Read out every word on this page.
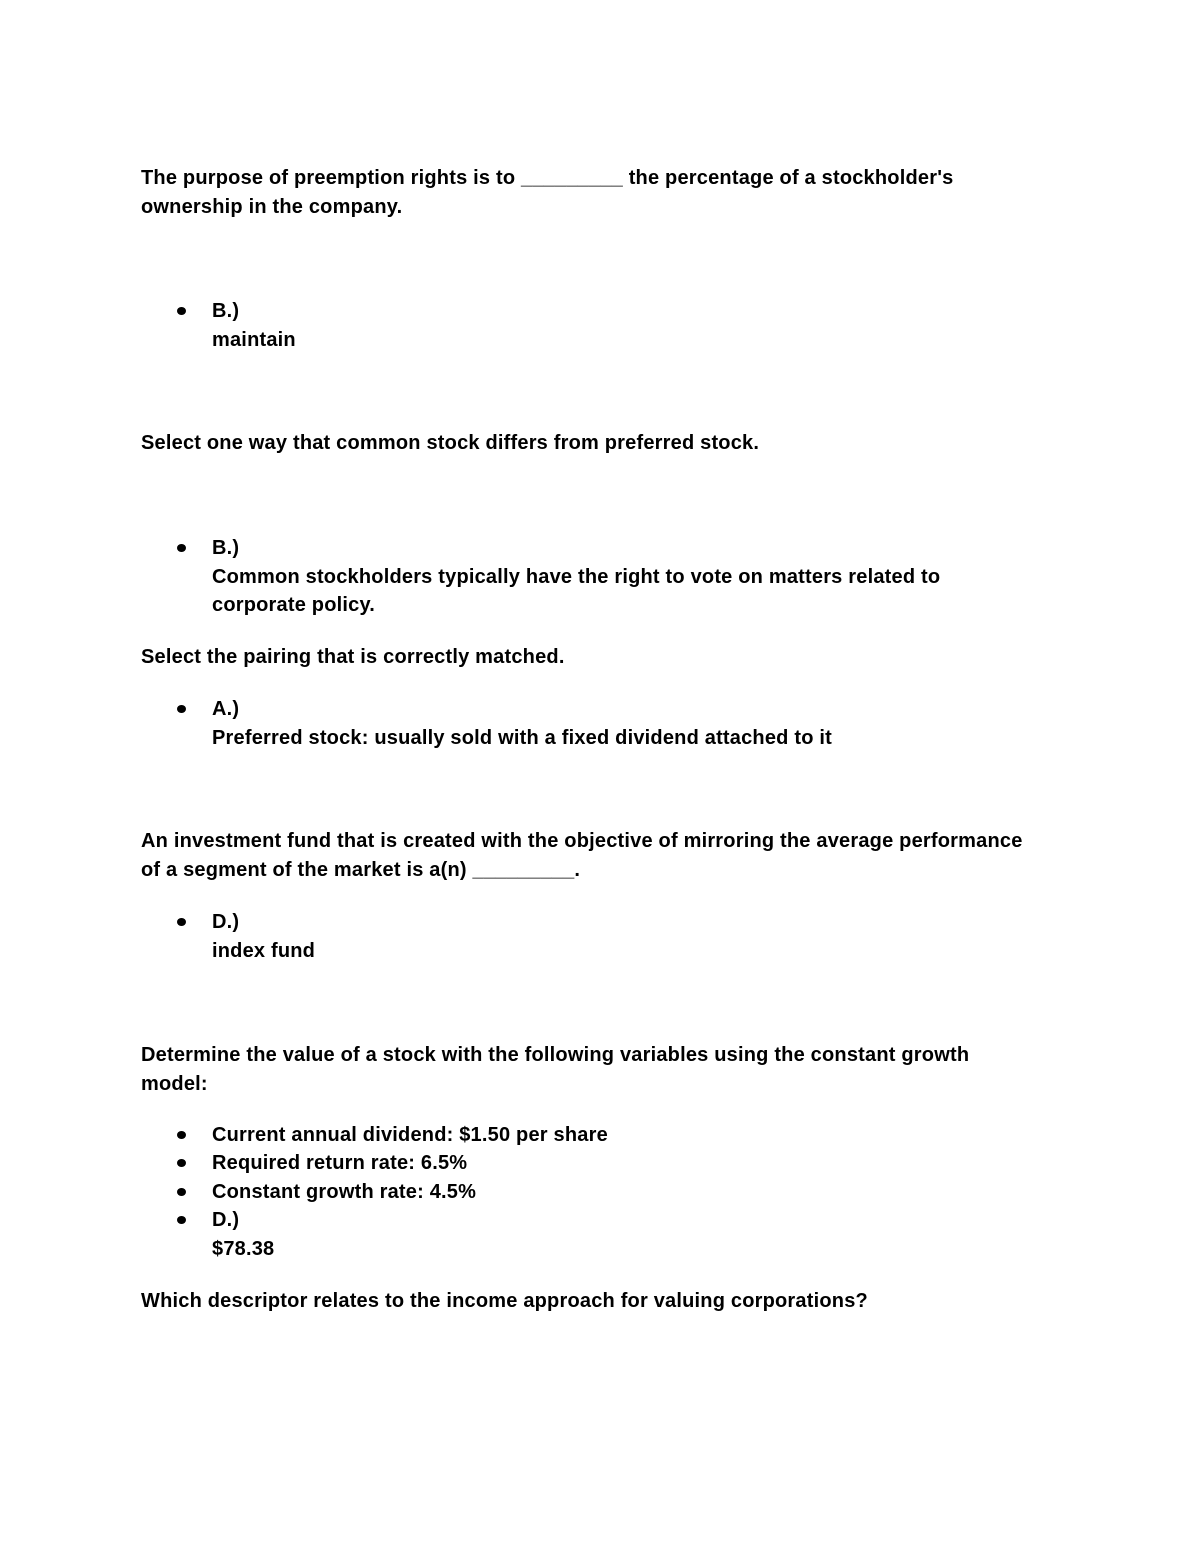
The purpose of preemption rights is to _________ the percentage of a stockholder's ownership in the company.

B.)
maintain

Select one way that common stock differs from preferred stock.

B.)
Common stockholders typically have the right to vote on matters related to corporate policy.

Select the pairing that is correctly matched.

A.)
Preferred stock: usually sold with a fixed dividend attached to it

An investment fund that is created with the objective of mirroring the average performance of a segment of the market is a(n) _________.

D.)
index fund

Determine the value of a stock with the following variables using the constant growth model:

Current annual dividend: $1.50 per share
Required return rate: 6.5%
Constant growth rate: 4.5%
D.)
$78.38

Which descriptor relates to the income approach for valuing corporations?
